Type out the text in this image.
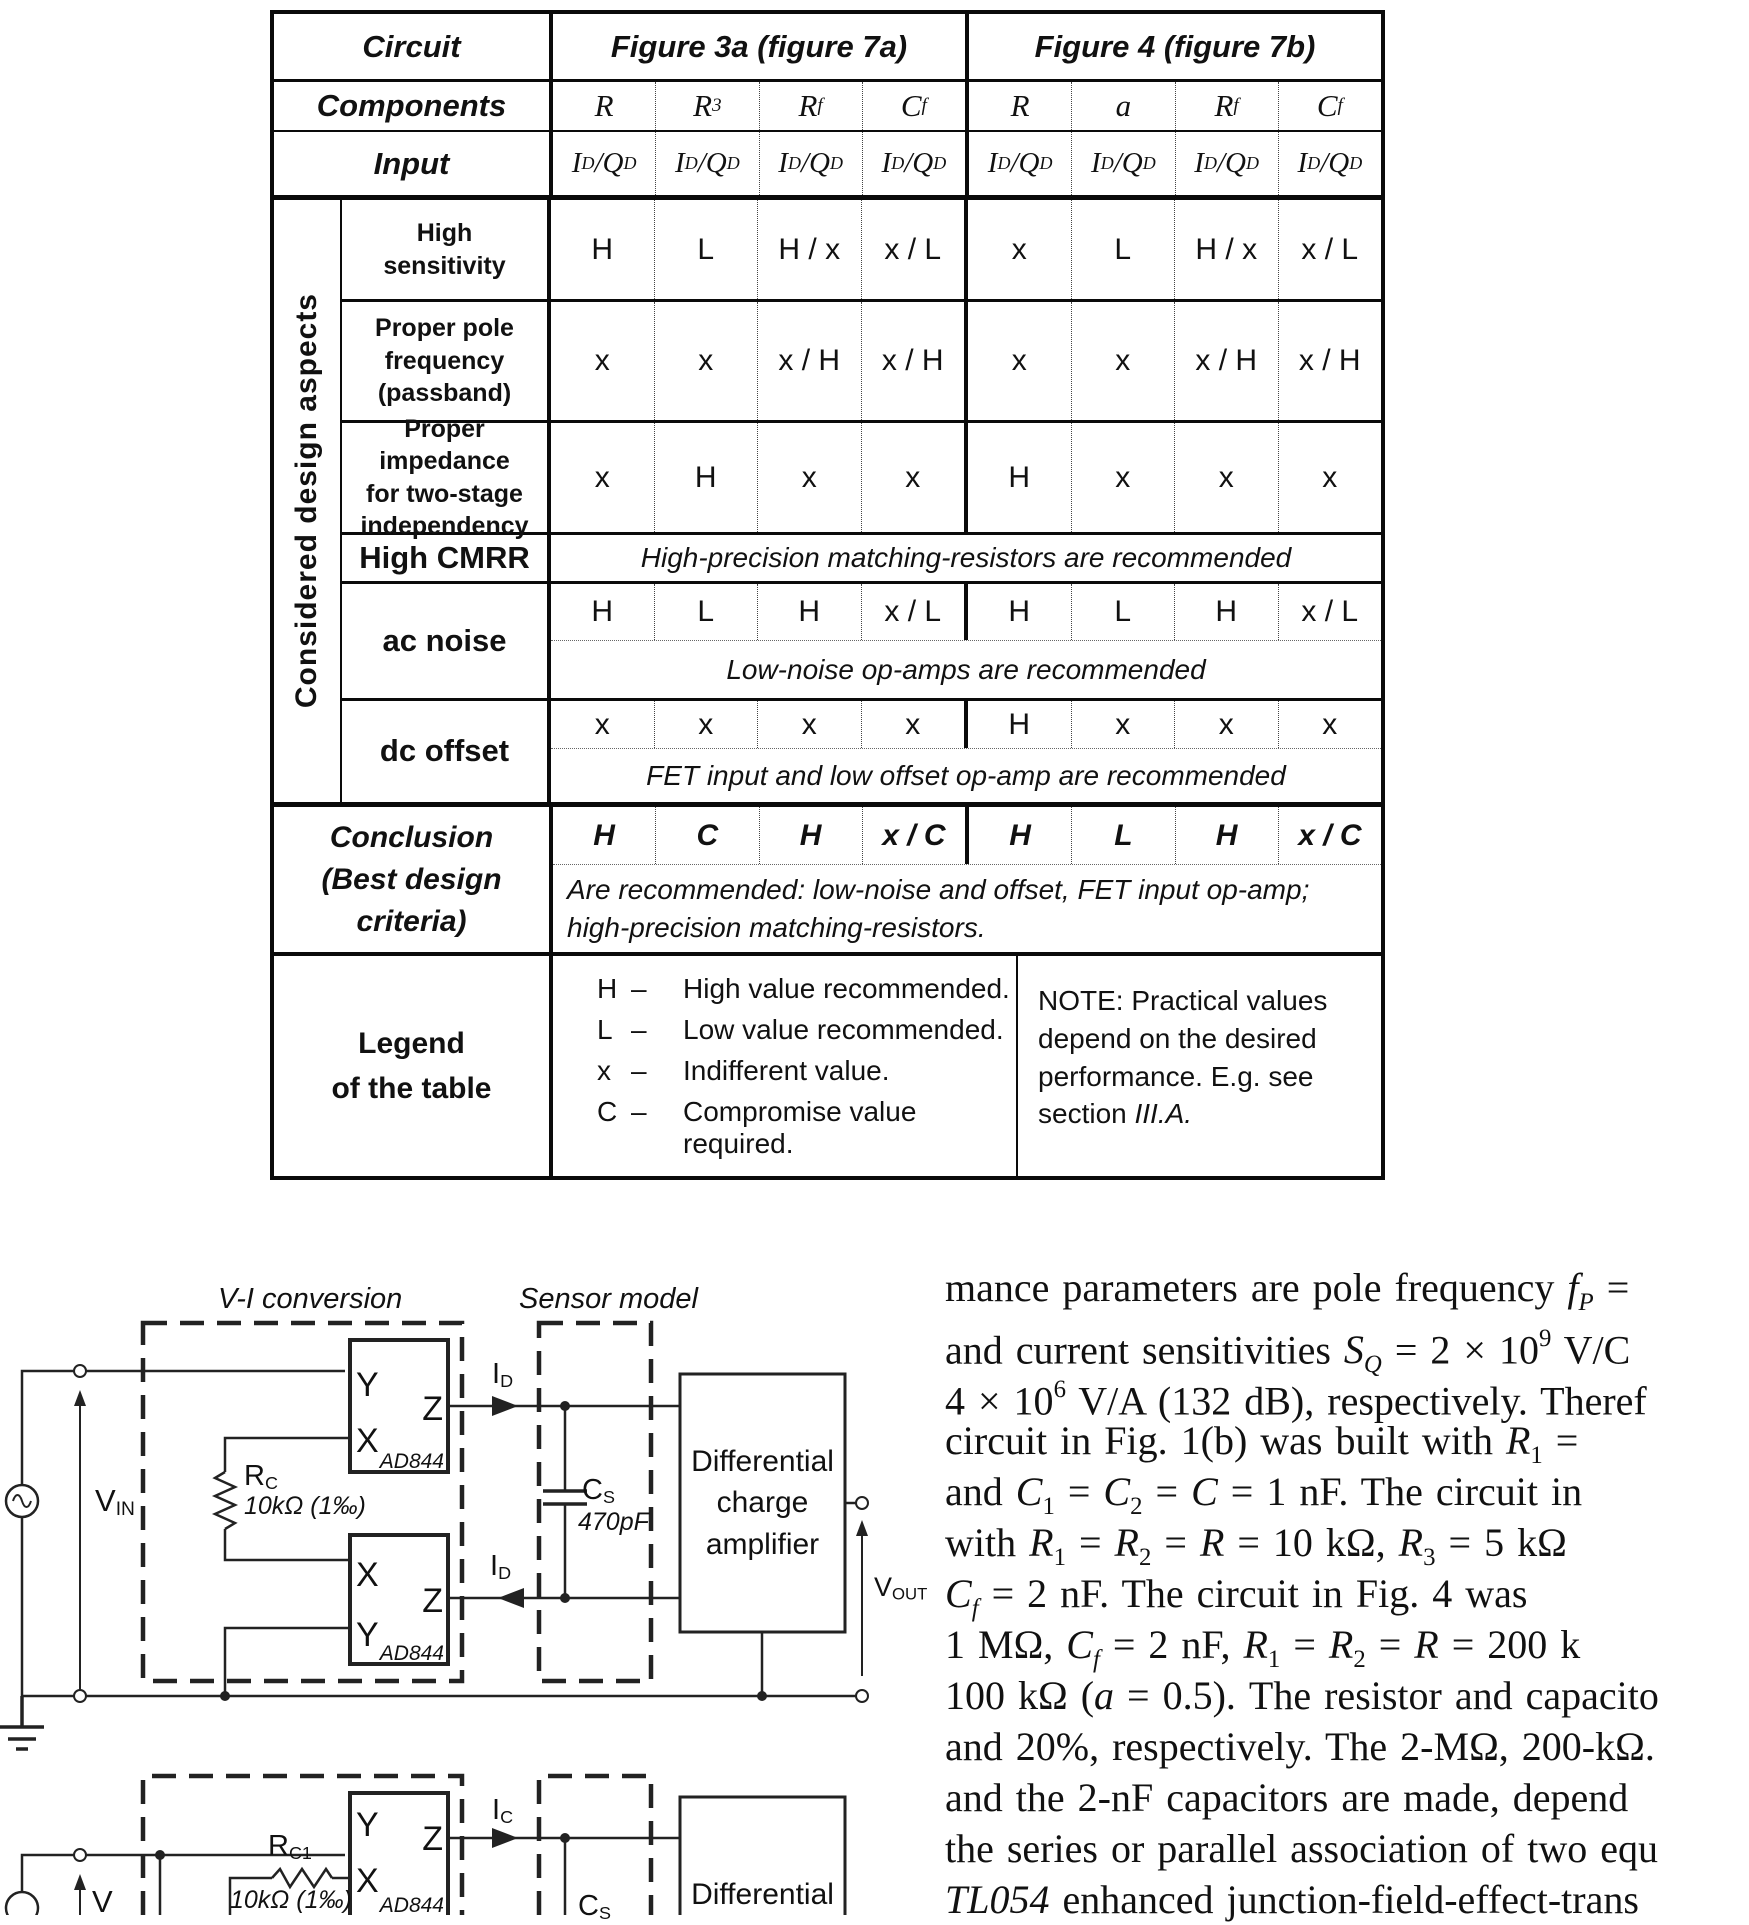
Circuit	Figure 3a (figure 7a)	Figure 4 (figure 7b)
Components	R	R 3	R f	C f	R	a	R f	C f
Input	I D /Q D	I D /Q D	I D /Q D	I D /Q D	I D /Q D	I D /Q D	I D /Q D	I D /Q D
Considered design aspects
High
sensitivity	H	L	H / x	x / L	x	L	H / x	x / L
Proper pole
frequency
(passband)
x	x	x / H	x / H	x	x	x / H	x / H
Proper impedance
for two-stage
independency
x	H	x	x	H	x	x	x
High CMRR	High-precision matching-resistors are recommended
ac noise
H	L	H	x / L	H	L	H	x / L
Low-noise op-amps are recommended
dc offset
x	x	x	x	H	x	x	x
FET input and low offset op-amp are recommended
Conclusion
(Best design criteria)
H	C	H	x / C	H	L	H	x / C
Are recommended: low-noise and offset, FET input op-amp; high-precision matching-resistors.
Legend
of the table
H –	High value recommended.
L –	Low value recommended.
x –	Indifferent value.
C –	Compromise value required.
NOTE: Practical values depend on the desired performance. E.g. see section III.A.
Y
Z
X
AD844
X
Z
Y AD844
Y Z
X
AD844
V-I conversion	Sensor model
$V_{IN}$
$I_D$
$I_D$
$R_C$
10kΩ (1‰)	$C_S$
470pF
Differential
charge
amplifier
$V_{OUT}$
$I_C$
$R_{C1}$
10kΩ (1‰)	$C_S$
V	Differential
mance parameters are pole frequency $f_P$ =
and current sensitivities $S_Q = 2 \times 10^9$ V/C
$4 \times 10^6$ V/A (132 dB), respectively. Theref
circuit in Fig. 1(b) was built with $R_1$ =
and $C_1 = C_2 = C = 1$ nF. The circuit in
with $R_1 = R_2 = R = 10$ kΩ, $R_3 = 5$ kΩ
$C_f = 2$ nF. The circuit in Fig. 4 was
1 MΩ, $C_f = 2$ nF, $R_1 = R_2 = R = 200$ k
100 kΩ (a = 0.5). The resistor and capacito
and 20%, respectively. The 2-MΩ, 200-kΩ.
and the 2-nF capacitors are made, depend
the series or parallel association of two equ
TL054 enhanced junction-field-effect-trans
